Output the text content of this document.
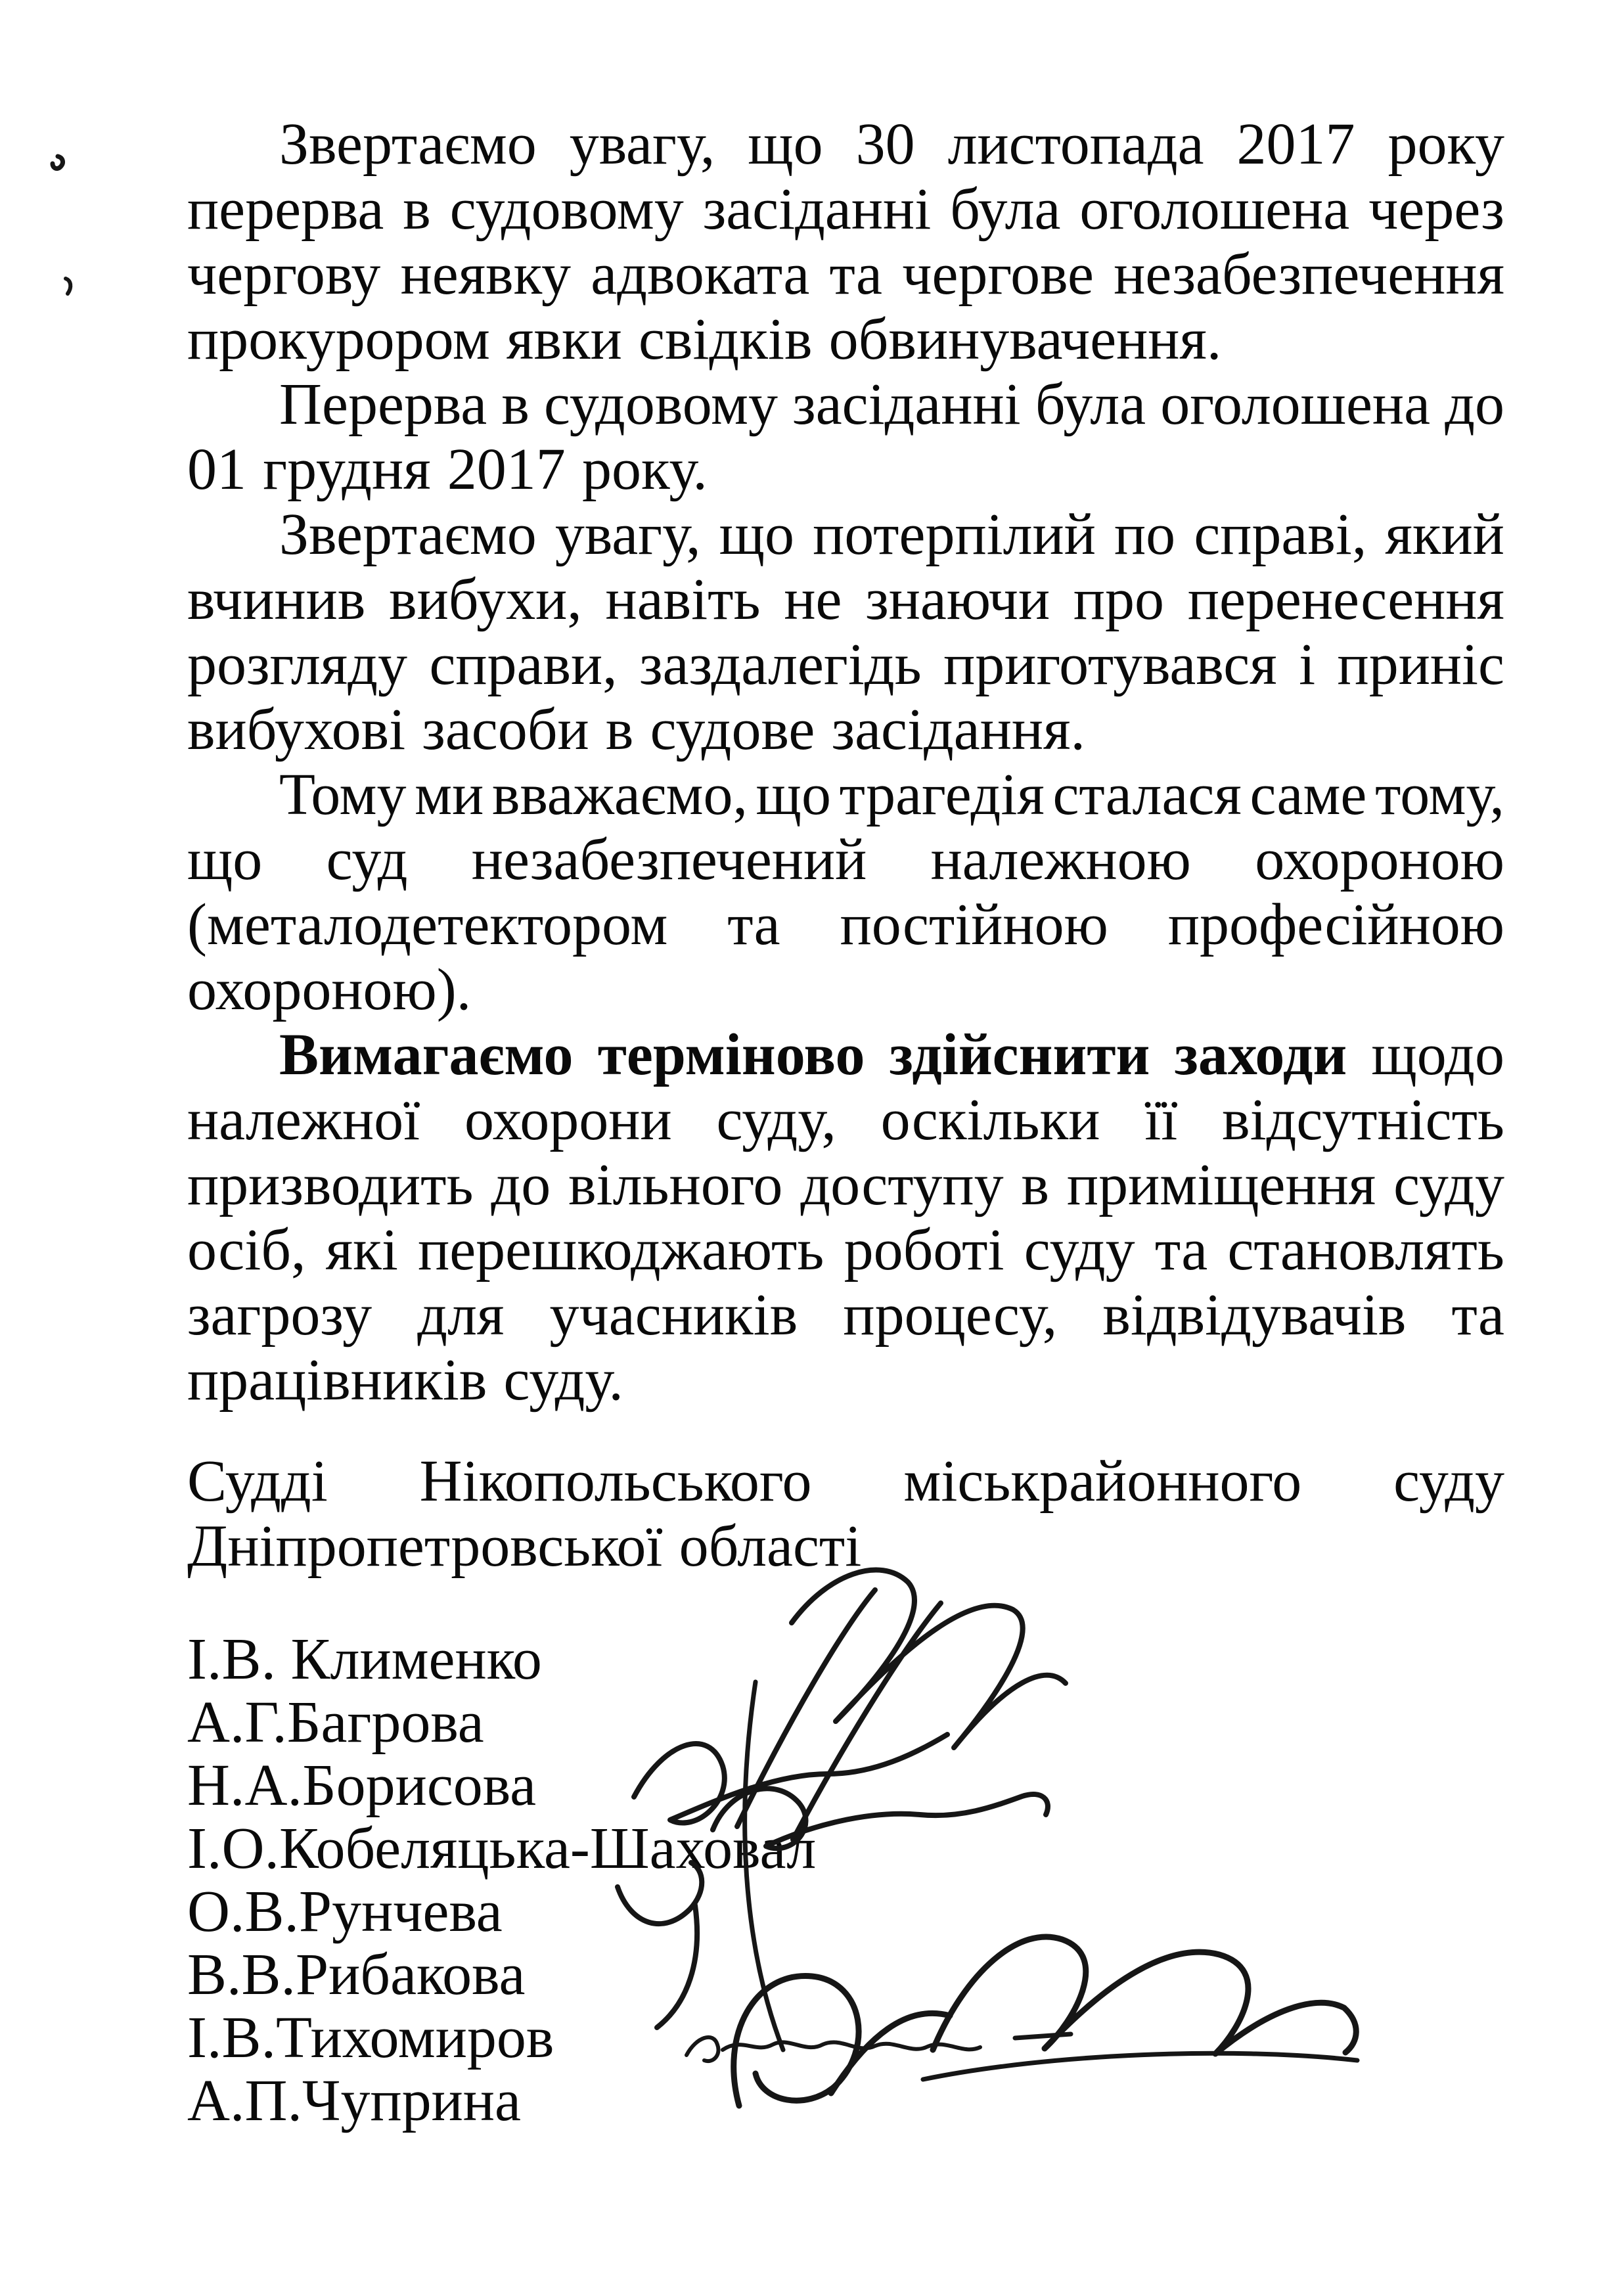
Звертаємо увагу, що 30 листопада 2017 року
перерва в судовому засіданні була оголошена через
чергову неявку адвоката та чергове незабезпечення
прокурором явки свідків обвинувачення.
Перерва в судовому засіданні була оголошена до
01 грудня 2017 року.
Звертаємо увагу, що потерпілий по справі, який
вчинив вибухи, навіть не знаючи про перенесення
розгляду справи, заздалегідь приготувався і приніс
вибухові засоби в судове засідання.
Тому ми вважаємо, що трагедія сталася саме тому,
що суд незабезпечений належною охороною
(металодетектором та постійною професійною
охороною).
Вимагаємо терміново здійснити заходи щодо
належної охорони суду, оскільки її відсутність
призводить до вільного доступу в приміщення суду
осіб, які перешкоджають роботі суду та становлять
загрозу для учасників процесу, відвідувачів та
працівників суду.
Судді Нікопольського міськрайонного суду
Дніпропетровської області
І.В. Клименко
А.Г.Багрова
Н.А.Борисова
І.О.Кобеляцька-Шаховал
О.В.Рунчева
В.В.Рибакова
І.В.Тихомиров
А.П.Чуприна
